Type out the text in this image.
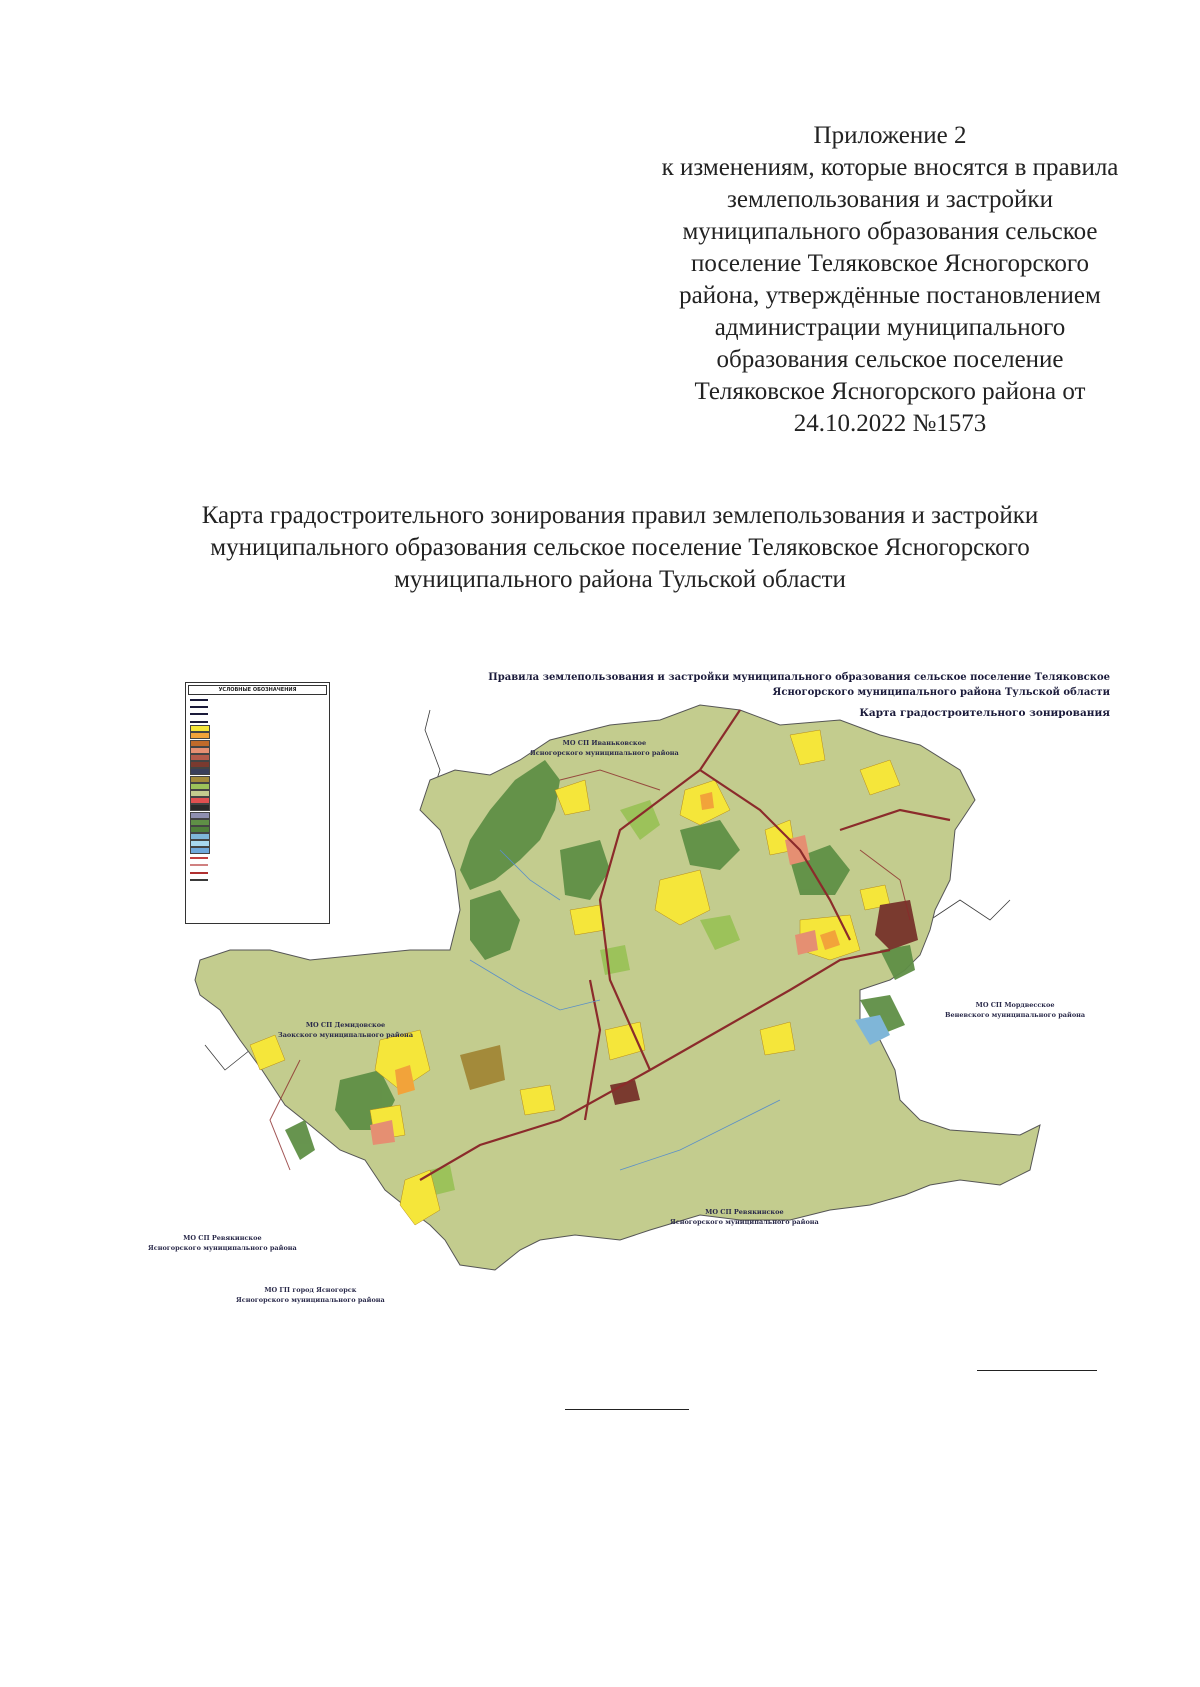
Приложение 2
к изменениям, которые вносятся в правила
землепользования и застройки
муниципального образования сельское
поселение Теляковское Ясногорского
района, утверждённые постановлением
администрации муниципального
образования сельское поселение
Теляковское Ясногорского района от
24.10.2022 №1573
Карта градостроительного зонирования правил землепользования и застройки
муниципального образования сельское поселение Теляковское Ясногорского
муниципального района Тульской области
Правила землепользования и застройки муниципального образования сельское поселение Теляковское
Ясногорского муниципального района Тульской области
Карта градостроительного зонирования
УСЛОВНЫЕ ОБОЗНАЧЕНИЯ
МО СП Иваньковское
Ясногорского муниципального района
МО СП Мордвесское
Веневского муниципального района
МО СП Демидовское
Заокского муниципального района
МО СП Ревякинское
Ясногорского муниципального района
МО СП Ревякинское
Ясногорского муниципального района
МО ГП город Ясногорск
Ясногорского муниципального района
